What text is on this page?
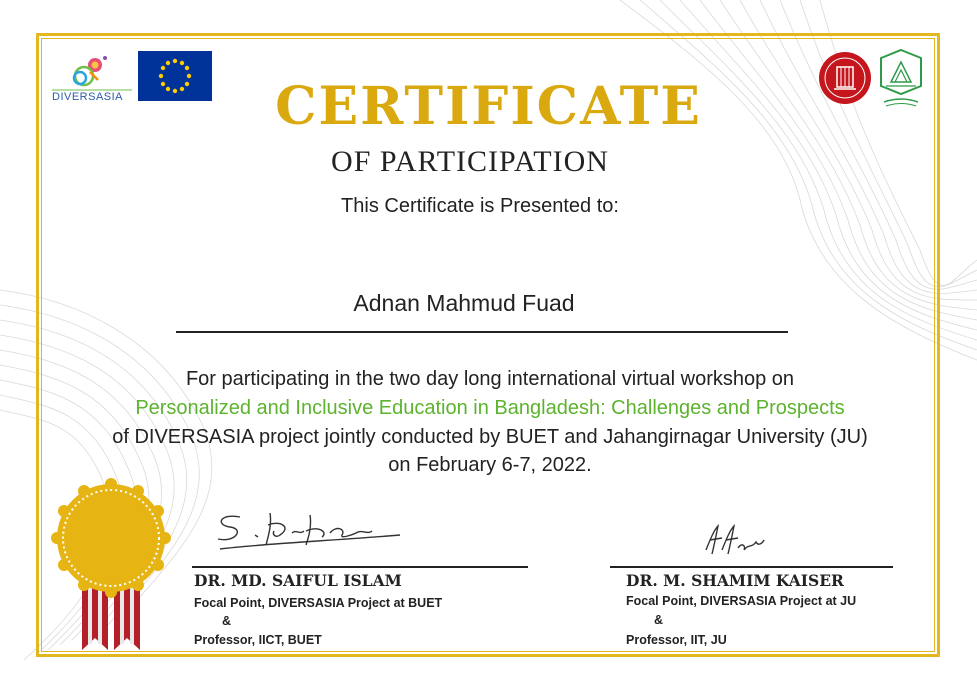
DIVERSASIA	CERTIFICATE
OF PARTICIPATION
This Certificate is Presented to:
Adnan Mahmud Fuad
For participating in the two day long international virtual workshop on
Personalized and Inclusive Education in Bangladesh: Challenges and Prospects
of DIVERSASIA project jointly conducted by BUET and Jahangirnagar University (JU)
on February 6-7, 2022.
DR. MD. SAIFUL ISLAM
Focal Point, DIVERSASIA Project at BUET
&
Professor, IICT, BUET
DR. M. SHAMIM KAISER
Focal Point, DIVERSASIA Project at JU
&
Professor, IIT, JU
